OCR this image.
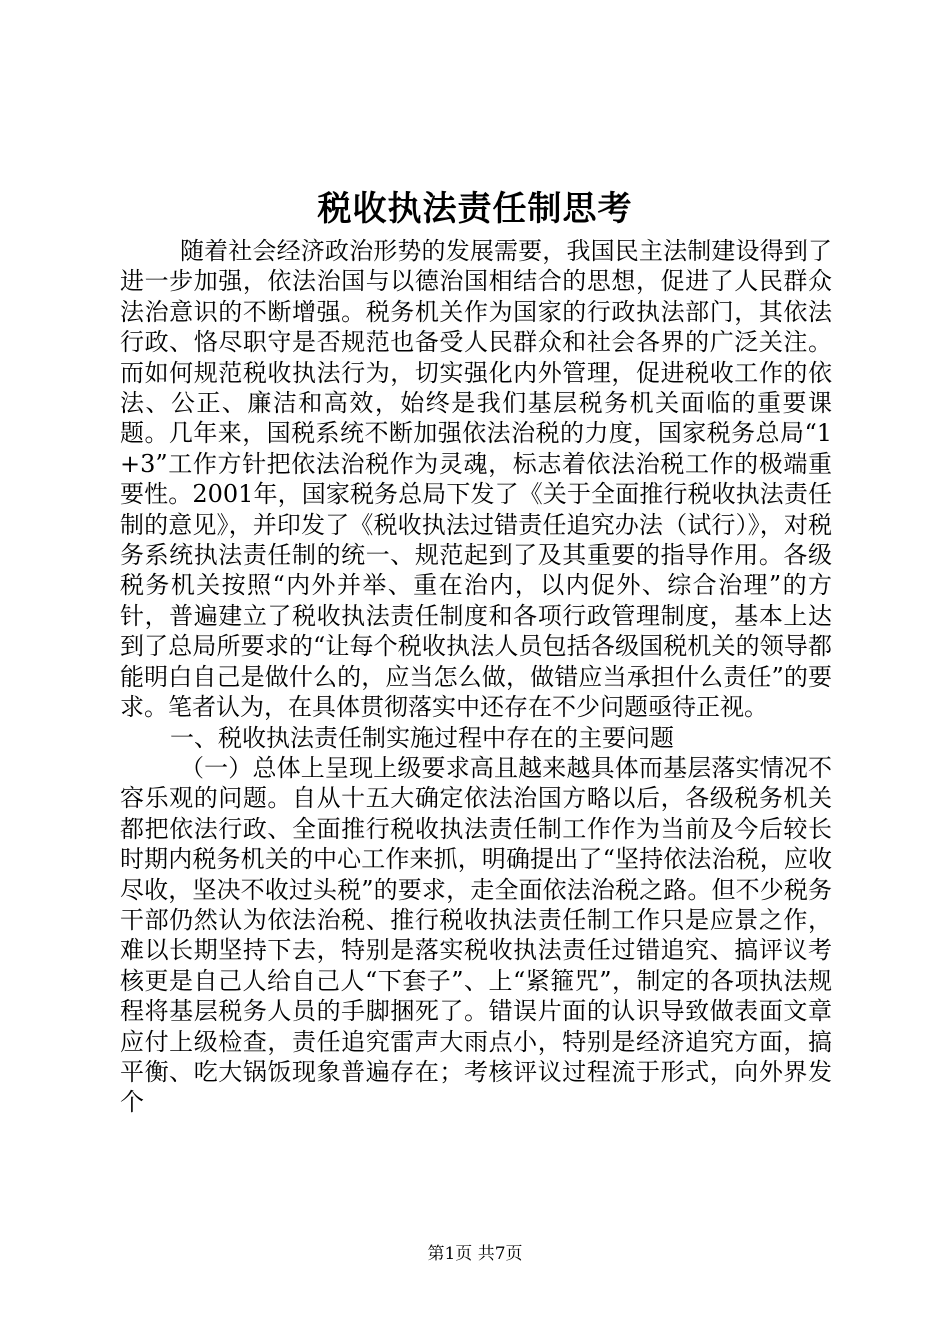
税收执法责任制思考

随着社会经济政治形势的发展需要，我国民主法制建设得到了进一步加强，依法治国与以德治国相结合的思想，促进了人民群众法治意识的不断增强。税务机关作为国家的行政执法部门，其依法行政、恪尽职守是否规范也备受人民群众和社会各界的广泛关注。而如何规范税收执法行为，切实强化内外管理，促进税收工作的依法、公正、廉洁和高效，始终是我们基层税务机关面临的重要课题。几年来，国税系统不断加强依法治税的力度，国家税务总局“1+3”工作方针把依法治税作为灵魂，标志着依法治税工作的极端重要性。2001年，国家税务总局下发了《关于全面推行税收执法责任制的意见》，并印发了《税收执法过错责任追究办法（试行）》，对税务系统执法责任制的统一、规范起到了及其重要的指导作用。各级税务机关按照“内外并举、重在治内，以内促外、综合治理”的方针，普遍建立了税收执法责任制度和各项行政管理制度，基本上达到了总局所要求的“让每个税收执法人员包括各级国税机关的领导都能明白自己是做什么的，应当怎么做，做错应当承担什么责任”的要求。笔者认为，在具体贯彻落实中还存在不少问题亟待正视。

一、税收执法责任制实施过程中存在的主要问题

（一）总体上呈现上级要求高且越来越具体而基层落实情况不容乐观的问题。自从十五大确定依法治国方略以后，各级税务机关都把依法行政、全面推行税收执法责任制工作作为当前及今后较长时期内税务机关的中心工作来抓，明确提出了“坚持依法治税，应收尽收，坚决不收过头税”的要求，走全面依法治税之路。但不少税务干部仍然认为依法治税、推行税收执法责任制工作只是应景之作，难以长期坚持下去，特别是落实税收执法责任过错追究、搞评议考核更是自己人给自己人“下套子”、上“紧箍咒”，制定的各项执法规程将基层税务人员的手脚捆死了。错误片面的认识导致做表面文章应付上级检查，责任追究雷声大雨点小，特别是经济追究方面，搞平衡、吃大锅饭现象普遍存在；考核评议过程流于形式，向外界发个

第1页 共7页
